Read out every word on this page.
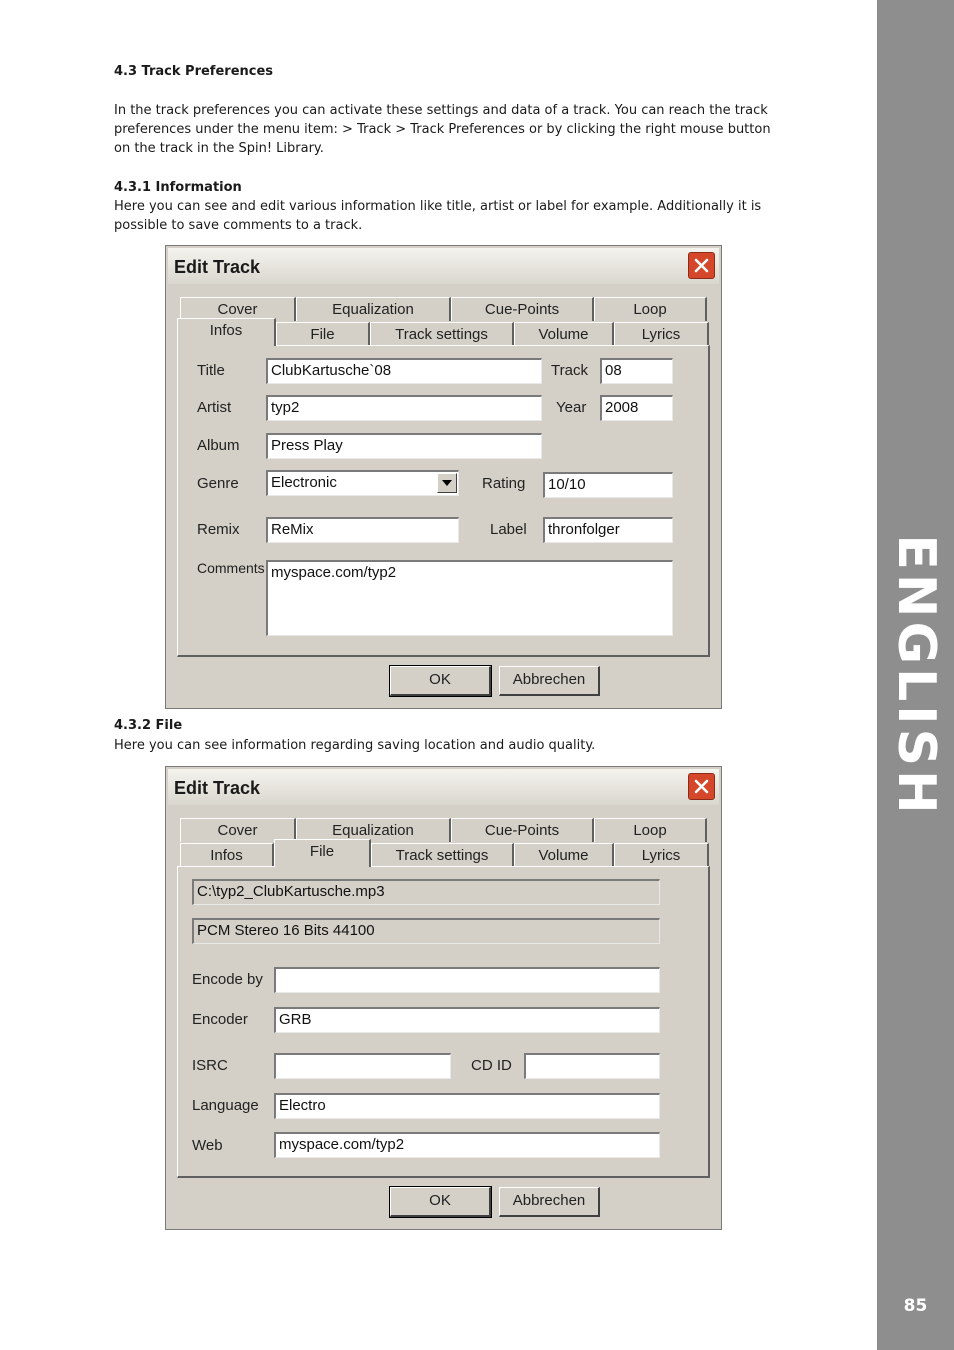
ENGLISH
85
4.3 Track Preferences
In the track preferences you can activate these settings and data of a track. You can reach the track preferences under the menu item: > Track > Track Preferences or by clicking the right mouse button on the track in the Spin! Library.
4.3.1 Information
Here you can see and edit various information like title, artist or label for example. Additionally it is possible to save comments to a track.
Edit Track
Cover	Equalization	Cue-Points	Loop
Infos	File	Track settings	Volume	Lyrics
Title	ClubKartusche`08	Track	08
Artist	typ2	Year	2008
Album	Press Play
Genre	Electronic	Rating	10/10
Remix	ReMix	Label	thronfolger
Comments myspace.com/typ2
OK	Abbrechen
4.3.2 File
Here you can see information regarding saving location and audio quality.
Edit Track
Cover	Equalization	Cue-Points	Loop
Infos	File	Track settings	Volume	Lyrics
C:\typ2_ClubKartusche.mp3
PCM Stereo 16 Bits 44100
Encode by
Encoder	GRB
ISRC	CD ID
Language	Electro
Web	myspace.com/typ2
OK	Abbrechen
